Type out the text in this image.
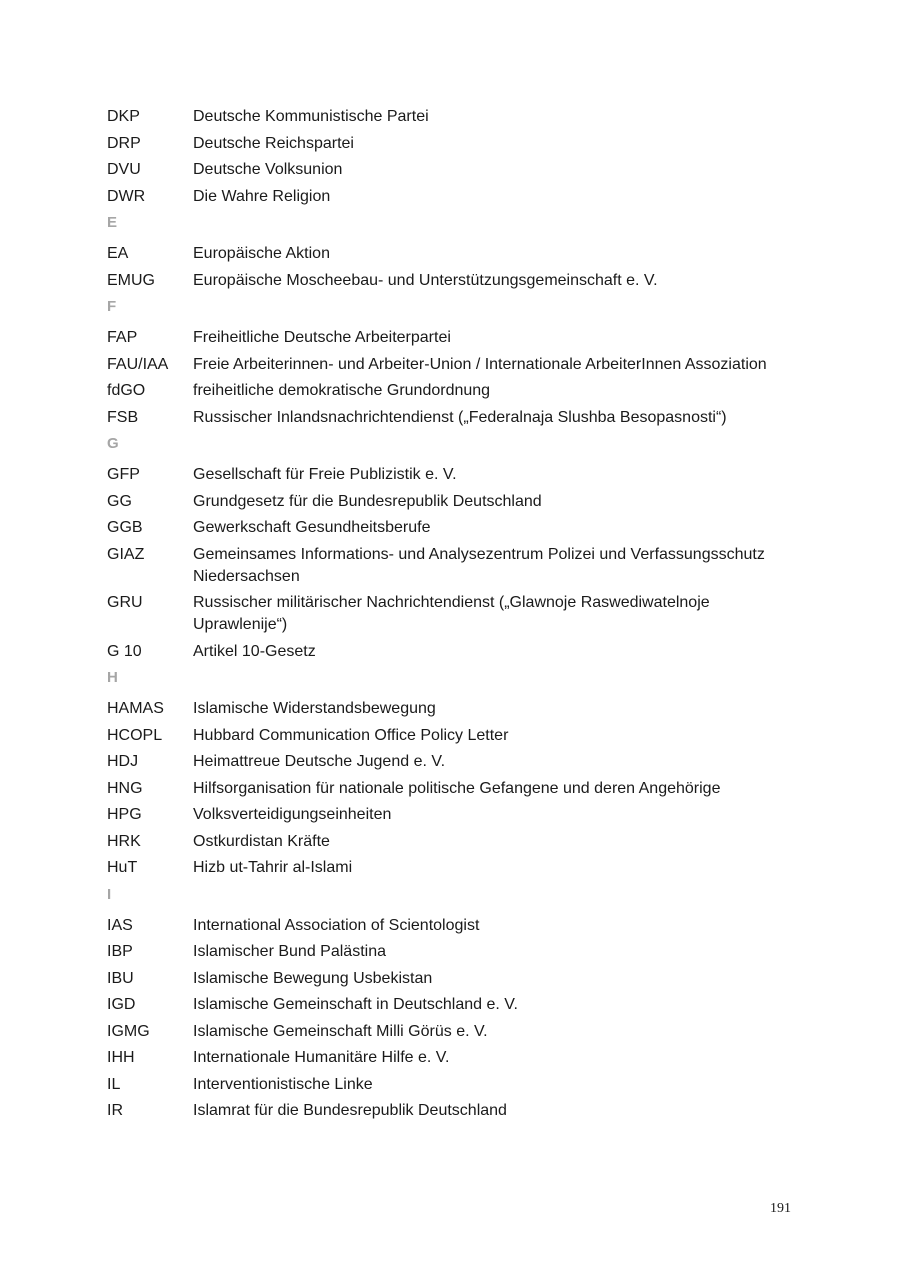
DKP	Deutsche Kommunistische Partei
DRP	Deutsche Reichspartei
DVU	Deutsche Volksunion
DWR	Die Wahre Religion
E
EA	Europäische Aktion
EMUG	Europäische Moscheebau- und Unterstützungsgemeinschaft e. V.
F
FAP	Freiheitliche Deutsche Arbeiterpartei
FAU/IAA	Freie Arbeiterinnen- und Arbeiter-Union / Internationale ArbeiterInnen Assoziation
fdGO	freiheitliche demokratische Grundordnung
FSB	Russischer Inlandsnachrichtendienst („Federalnaja Slushba Besopasnosti“)
G
GFP	Gesellschaft für Freie Publizistik e. V.
GG	Grundgesetz für die Bundesrepublik Deutschland
GGB	Gewerkschaft Gesundheitsberufe
GIAZ	Gemeinsames Informations- und Analysezentrum Polizei und Verfassungsschutz Niedersachsen
GRU	Russischer militärischer Nachrichtendienst („Glawnoje Raswediwatelnoje Uprawlenije“)
G 10	Artikel 10-Gesetz
H
HAMAS	Islamische Widerstandsbewegung
HCOPL	Hubbard Communication Office Policy Letter
HDJ	Heimattreue Deutsche Jugend e. V.
HNG	Hilfsorganisation für nationale politische Gefangene und deren Angehörige
HPG	Volksverteidigungseinheiten
HRK	Ostkurdistan Kräfte
HuT	Hizb ut-Tahrir al-Islami
I
IAS	International Association of Scientologist
IBP	Islamischer Bund Palästina
IBU	Islamische Bewegung Usbekistan
IGD	Islamische Gemeinschaft in Deutschland e. V.
IGMG	Islamische Gemeinschaft Milli Görüs e. V.
IHH	Internationale Humanitäre Hilfe e. V.
IL	Interventionistische Linke
IR	Islamrat für die Bundesrepublik Deutschland
191
